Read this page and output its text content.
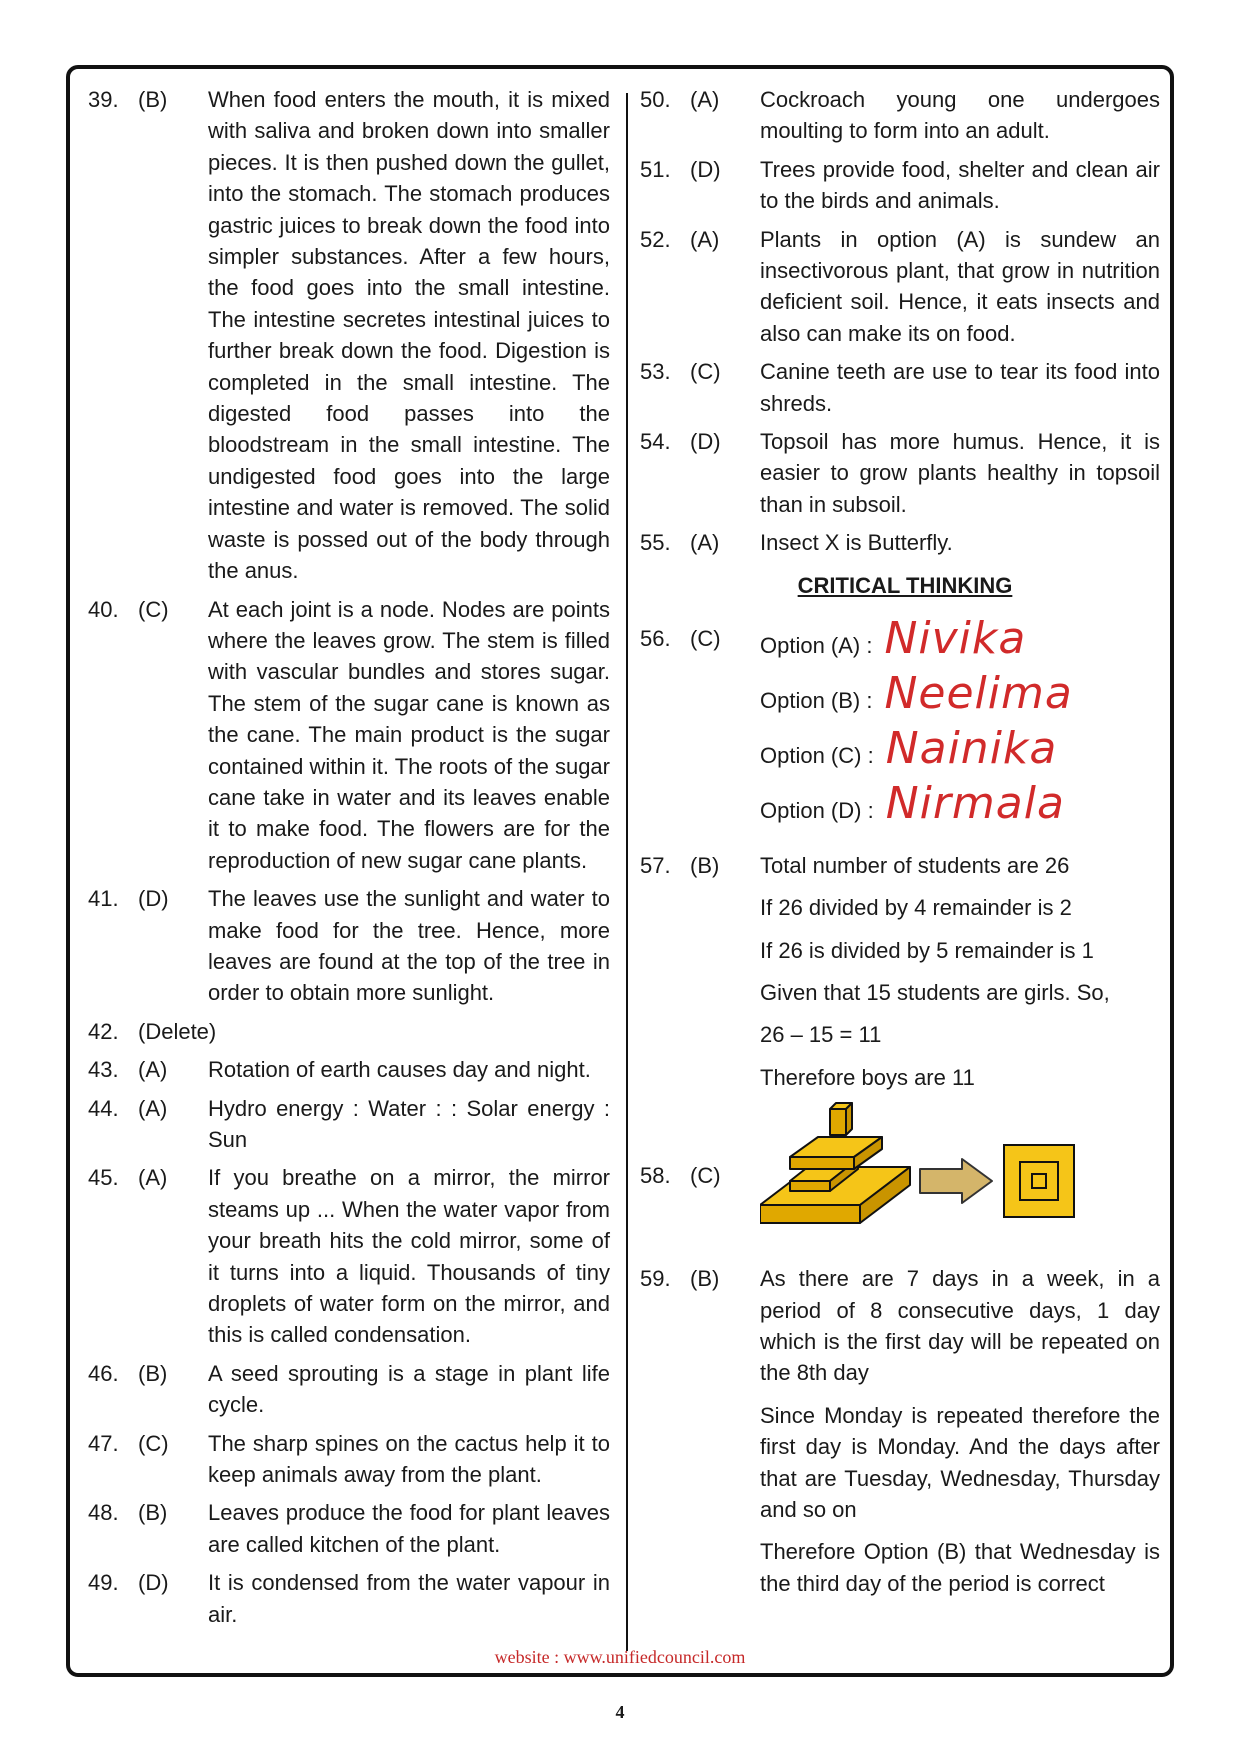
39. (B)	When food enters the mouth, it is mixed with saliva and broken down into smaller pieces. It is then pushed down the gullet, into the stomach. The stomach produces gastric juices to break down the food into simpler substances. After a few hours, the food goes into the small intestine. The intestine secretes intestinal juices to further break down the food. Digestion is completed in the small intestine. The digested food passes into the bloodstream in the small intestine. The undigested food goes into the large intestine and water is removed. The solid waste is possed out of the body through the anus.

40. (C)	At each joint is a node. Nodes are points where the leaves grow. The stem is filled with vascular bundles and stores sugar. The stem of the sugar cane is known as the cane. The main product is the sugar contained within it. The roots of the sugar cane take in water and its leaves enable it to make food. The flowers are for the reproduction of new sugar cane plants.

41. (D)	The leaves use the sunlight and water to make food for the tree. Hence, more leaves are found at the top of the tree in order to obtain more sunlight.

42. (Delete)

43. (A)	Rotation of earth causes day and night.

44. (A)	Hydro energy : Water : : Solar energy : Sun

45. (A)	If you breathe on a mirror, the mirror steams up ... When the water vapor from your breath hits the cold mirror, some of it turns into a liquid. Thousands of tiny droplets of water form on the mirror, and this is called condensation.

46. (B)	A seed sprouting is a stage in plant life cycle.

47. (C)	The sharp spines on the cactus help it to keep animals away from the plant.

48. (B)	Leaves produce the food for plant leaves are called kitchen of the plant.

49. (D)	It is condensed from the water vapour in air.

50. (A)	Cockroach young one undergoes moulting to form into an adult.

51. (D)	Trees provide food, shelter and clean air to the birds and animals.

52. (A)	Plants in option (A) is sundew an insectivorous plant, that grow in nutrition deficient soil. Hence, it eats insects and also can make its on food.

53. (C)	Canine teeth are use to tear its food into shreds.

54. (D)	Topsoil has more humus. Hence, it is easier to grow plants healthy in topsoil than in subsoil.

55. (A)	Insect X is Butterfly.

CRITICAL THINKING
56. (C)	Option (A) : Nivika
Option (B) : Neelima
Option (C) : Nainika
Option (D) : Nirmala
57. (B)	Total number of students are 26

If 26 divided by 4 remainder is 2

If 26 is divided by 5 remainder is 1

Given that 15 students are girls. So,

26 – 15 = 11

Therefore boys are 11

58. (C)
59. (B)	As there are 7 days in a week, in a period of 8 consecutive days, 1 day which is the first day will be repeated on the 8th day

Since Monday is repeated therefore the first day is Monday. And the days after that are Tuesday, Wednesday, Thursday and so on

Therefore Option (B) that Wednesday is the third day of the period is correct

website : www.unifiedcouncil.com
4
